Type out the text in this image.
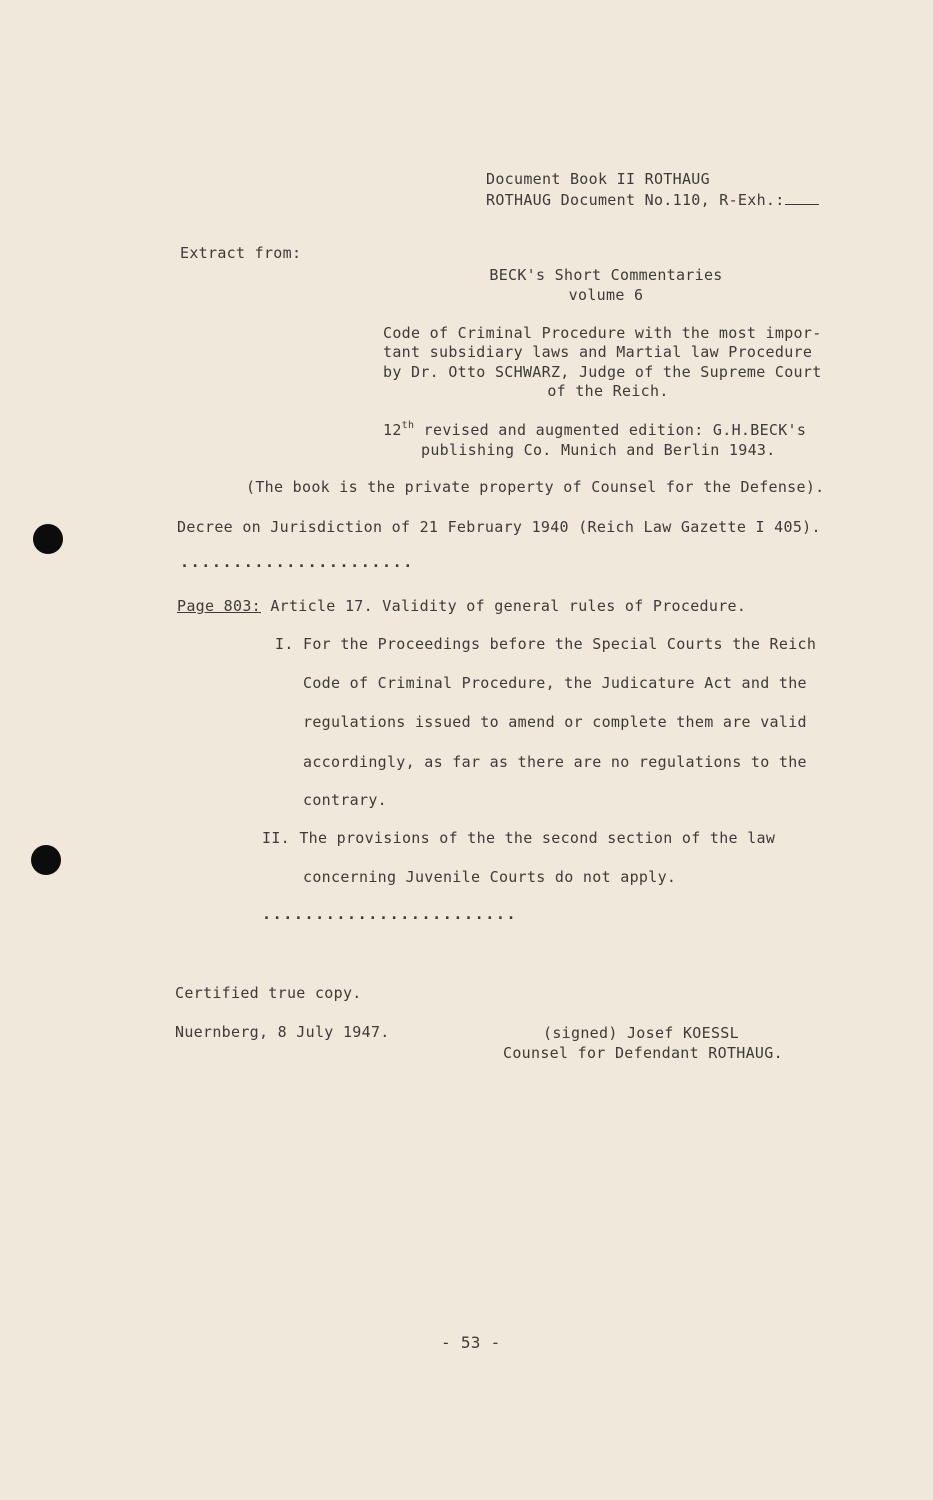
Document Book II ROTHAUG
ROTHAUG Document No.110, R-Exh.:
Extract from:
BECK's Short Commentaries
volume 6
Code of Criminal Procedure with the most impor-
tant subsidiary laws and Martial law Procedure
by Dr. Otto SCHWARZ, Judge of the Supreme Court
of the Reich.
12th revised and augmented edition: G.H.BECK's
publishing Co. Munich and Berlin 1943.
(The book is the private property of Counsel for the Defense).
Decree on Jurisdiction of 21 February 1940 (Reich Law Gazette I 405).
......................
Page 803: Article 17. Validity of general rules of Procedure.
I. For the Proceedings before the Special Courts the Reich
Code of Criminal Procedure, the Judicature Act and the
regulations issued to amend or complete them are valid
accordingly, as far as there are no regulations to the
contrary.
II. The provisions of the the second section of the law
concerning Juvenile Courts do not apply.
........................
Certified true copy.
Nuernberg, 8 July 1947.	(signed) Josef KOESSL
Counsel for Defendant ROTHAUG.
- 53 -
